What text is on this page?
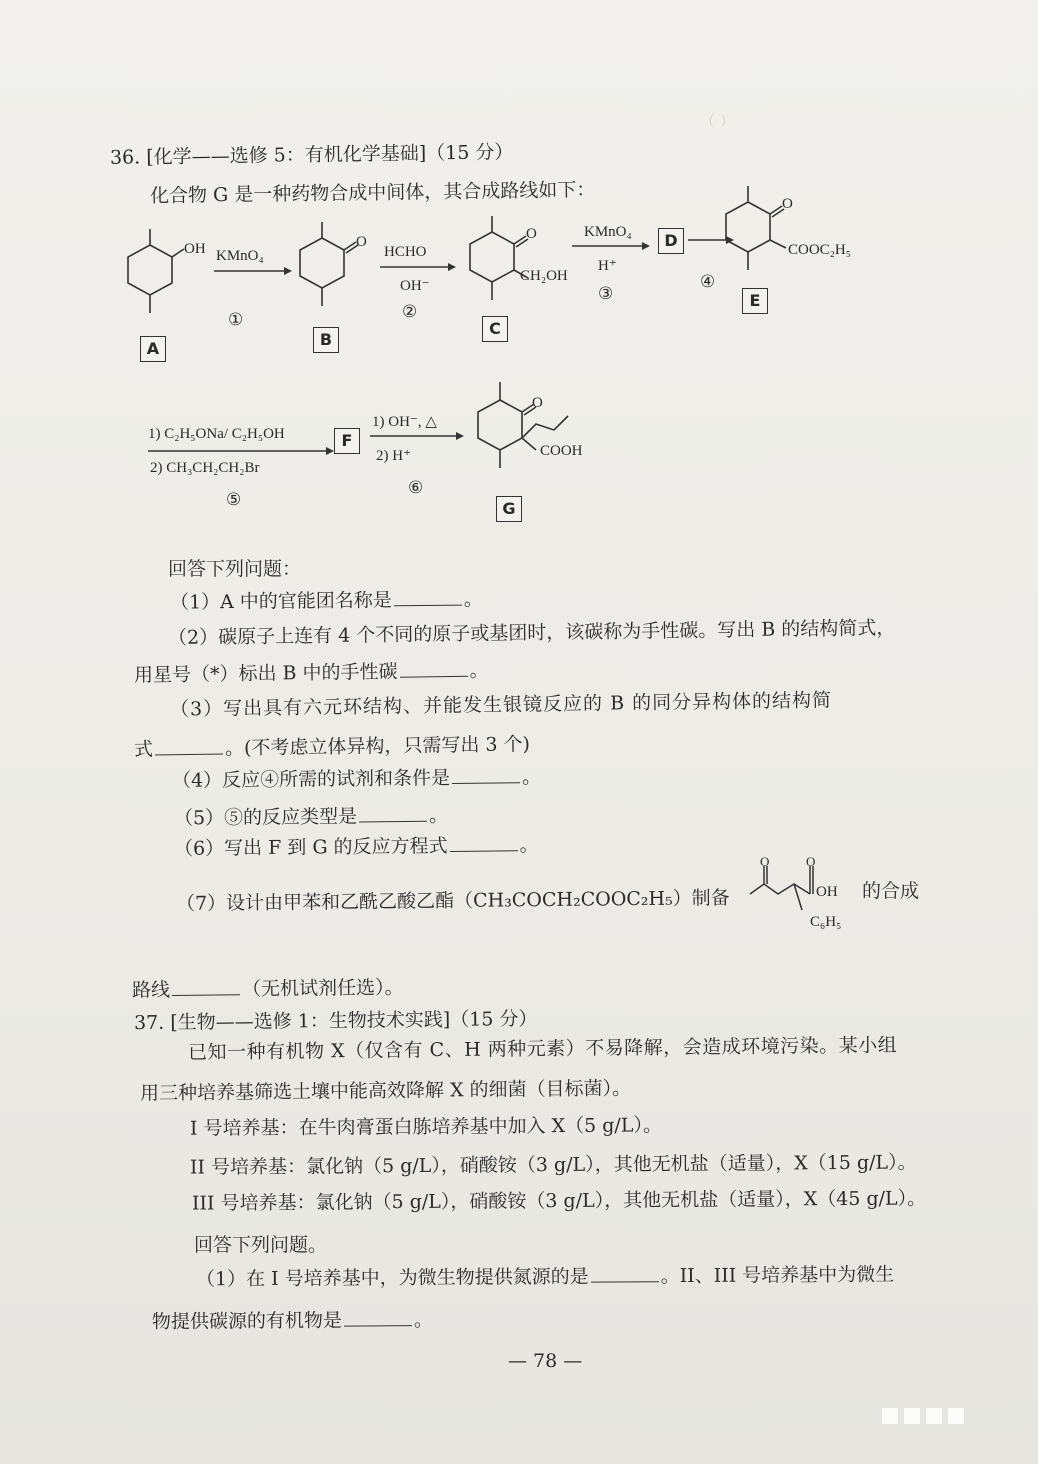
（ ）
36. [化学——选修 5：有机化学基础]（15 分）
化合物 G 是一种药物合成中间体，其合成路线如下：
OH
A
KMnO₄
①
O
B
HCHO
OH⁻
②
O
CH₂OH
C
KMnO₄
H⁺
③
D
④
O
COOC₂H₅
E
1) C₂H₅ONa/ C₂H₅OH
2) CH₃CH₂CH₂Br
⑤
F
1) OH⁻, △
2) H⁺
⑥
O
COOH
G
回答下列问题：
（1）A 中的官能团名称是	。
（2）碳原子上连有 4 个不同的原子或基团时，该碳称为手性碳。写出 B 的结构简式，
用星号（*）标出 B 中的手性碳	。
（3）写出具有六元环结构、并能发生银镜反应的 B 的同分异构体的结构简
式	。(不考虑立体异构，只需写出 3 个)
（4）反应④所需的试剂和条件是	。
（5）⑤的反应类型是	。
（6）写出 F 到 G 的反应方程式	。
（7）设计由甲苯和乙酰乙酸乙酯（CH₃COCH₂COOC₂H₅）制备
O	O
OH
C₆H₅
的合成
路线	（无机试剂任选）。
37. [生物——选修 1：生物技术实践]（15 分）
已知一种有机物 X（仅含有 C、H 两种元素）不易降解，会造成环境污染。某小组
用三种培养基筛选土壤中能高效降解 X 的细菌（目标菌）。
I 号培养基：在牛肉膏蛋白胨培养基中加入 X（5 g/L）。
II 号培养基：氯化钠（5 g/L），硝酸铵（3 g/L），其他无机盐（适量），X（15 g/L）。
III 号培养基：氯化钠（5 g/L），硝酸铵（3 g/L），其他无机盐（适量），X（45 g/L）。
回答下列问题。
（1）在 I 号培养基中，为微生物提供氮源的是	。II、III 号培养基中为微生
物提供碳源的有机物是	。
— 78 —
